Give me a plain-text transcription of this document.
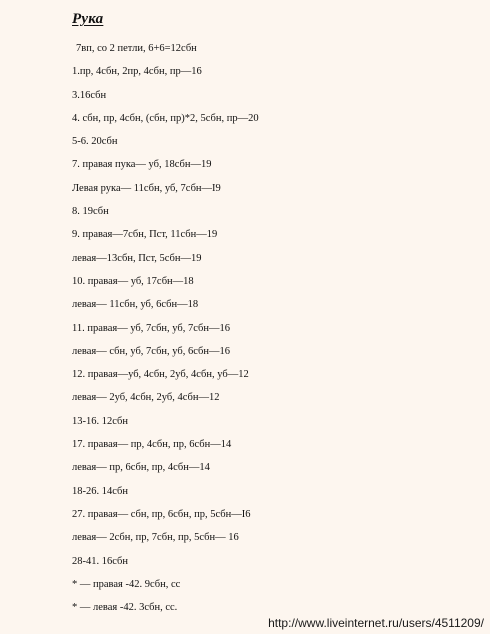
Рука
7вп, со 2 петли, 6+6=12сбн
1.пр, 4сбн, 2пр, 4сбн, пр—16
3.16сбн
4. сбн, пр, 4сбн, (сбн, пр)*2, 5сбн, пр—20
5-6. 20сбн
7. правая пука— уб, 18сбн—19
Левая рука— 11сбн, уб, 7сбн—I9
8. 19сбн
9. правая—7сбн, Пст, 11сбн—19
левая—13сбн, Пст, 5сбн—19
10. правая— уб, 17сбн—18
левая— 11сбн, уб, 6сбн—18
11. правая— уб, 7сбн, уб, 7сбн—16
левая— сбн, уб, 7сбн, уб, 6сбн—16
12. правая—уб, 4сбн, 2уб, 4сбн, уб—12
левая— 2уб, 4сбн, 2уб, 4сбн—12
13-16. 12сбн
17. правая— пр, 4сбн, пр, 6сбн—14
левая— пр, 6сбн, пр, 4сбн—14
18-26. 14сбн
27. правая— сбн, пр, 6сбн, пр, 5сбн—I6
левая— 2сбн, пр, 7сбн, пр, 5сбн— 16
28-41. 16сбн
* — правая -42. 9сбн, сс
* — левая -42. 3сбн, сс.
http://www.liveinternet.ru/users/4511209/
